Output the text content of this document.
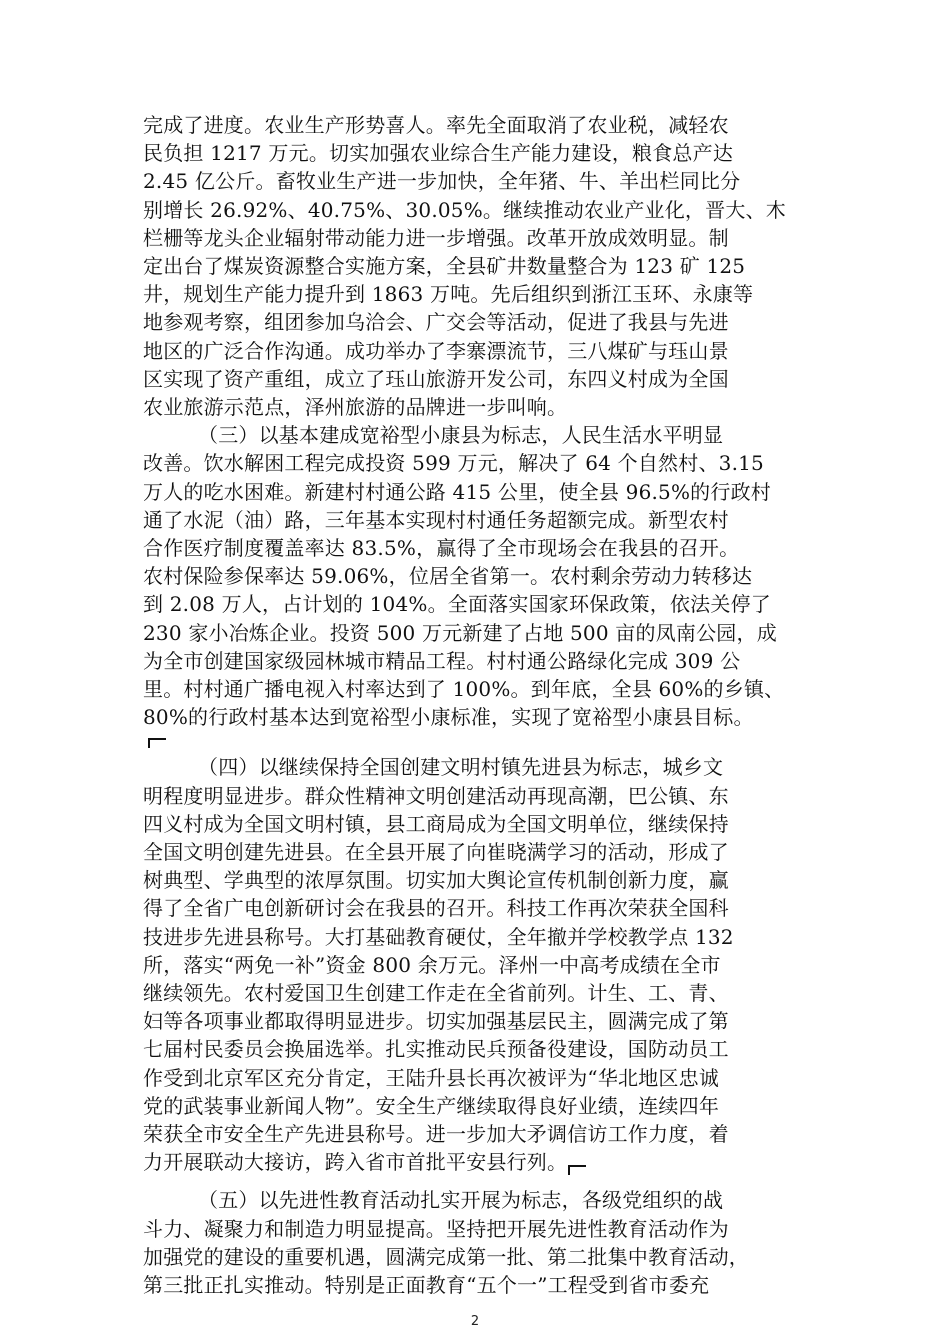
完成了进度。农业生产形势喜人。率先全面取消了农业税，减轻农
民负担 1217 万元。切实加强农业综合生产能力建设，粮食总产达
2.45 亿公斤。畜牧业生产进一步加快，全年猪、牛、羊出栏同比分
别增长 26.92%、40.75%、30.05%。继续推动农业产业化，晋大、木
栏栅等龙头企业辐射带动能力进一步增强。改革开放成效明显。制
定出台了煤炭资源整合实施方案，全县矿井数量整合为 123 矿 125
井，规划生产能力提升到 1863 万吨。先后组织到浙江玉环、永康等
地参观考察，组团参加乌洽会、广交会等活动，促进了我县与先进
地区的广泛合作沟通。成功举办了李寨漂流节，三八煤矿与珏山景
区实现了资产重组，成立了珏山旅游开发公司，东四义村成为全国
农业旅游示范点，泽州旅游的品牌进一步叫响。
（三）以基本建成宽裕型小康县为标志，人民生活水平明显
改善。饮水解困工程完成投资 599 万元，解决了 64 个自然村、3.15
万人的吃水困难。新建村村通公路 415 公里，使全县 96.5%的行政村
通了水泥（油）路，三年基本实现村村通任务超额完成。新型农村
合作医疗制度覆盖率达 83.5%，赢得了全市现场会在我县的召开。
农村保险参保率达 59.06%，位居全省第一。农村剩余劳动力转移达
到 2.08 万人，占计划的 104%。全面落实国家环保政策，依法关停了
230 家小冶炼企业。投资 500 万元新建了占地 500 亩的凤南公园，成
为全市创建国家级园林城市精品工程。村村通公路绿化完成 309 公
里。村村通广播电视入村率达到了 100%。到年底，全县 60%的乡镇、
80%的行政村基本达到宽裕型小康标准，实现了宽裕型小康县目标。
（四）以继续保持全国创建文明村镇先进县为标志，城乡文
明程度明显进步。群众性精神文明创建活动再现高潮，巴公镇、东
四义村成为全国文明村镇，县工商局成为全国文明单位，继续保持
全国文明创建先进县。在全县开展了向崔晓满学习的活动，形成了
树典型、学典型的浓厚氛围。切实加大舆论宣传机制创新力度，赢
得了全省广电创新研讨会在我县的召开。科技工作再次荣获全国科
技进步先进县称号。大打基础教育硬仗，全年撤并学校教学点 132
所，落实“两免一补”资金 800 余万元。泽州一中高考成绩在全市
继续领先。农村爱国卫生创建工作走在全省前列。计生、工、青、
妇等各项事业都取得明显进步。切实加强基层民主，圆满完成了第
七届村民委员会换届选举。扎实推动民兵预备役建设，国防动员工
作受到北京军区充分肯定，王陆升县长再次被评为“华北地区忠诚
党的武装事业新闻人物”。安全生产继续取得良好业绩，连续四年
荣获全市安全生产先进县称号。进一步加大矛调信访工作力度，着
力开展联动大接访，跨入省市首批平安县行列。
（五）以先进性教育活动扎实开展为标志，各级党组织的战
斗力、凝聚力和制造力明显提高。坚持把开展先进性教育活动作为
加强党的建设的重要机遇，圆满完成第一批、第二批集中教育活动，
第三批正扎实推动。特别是正面教育“五个一”工程受到省市委充
2
